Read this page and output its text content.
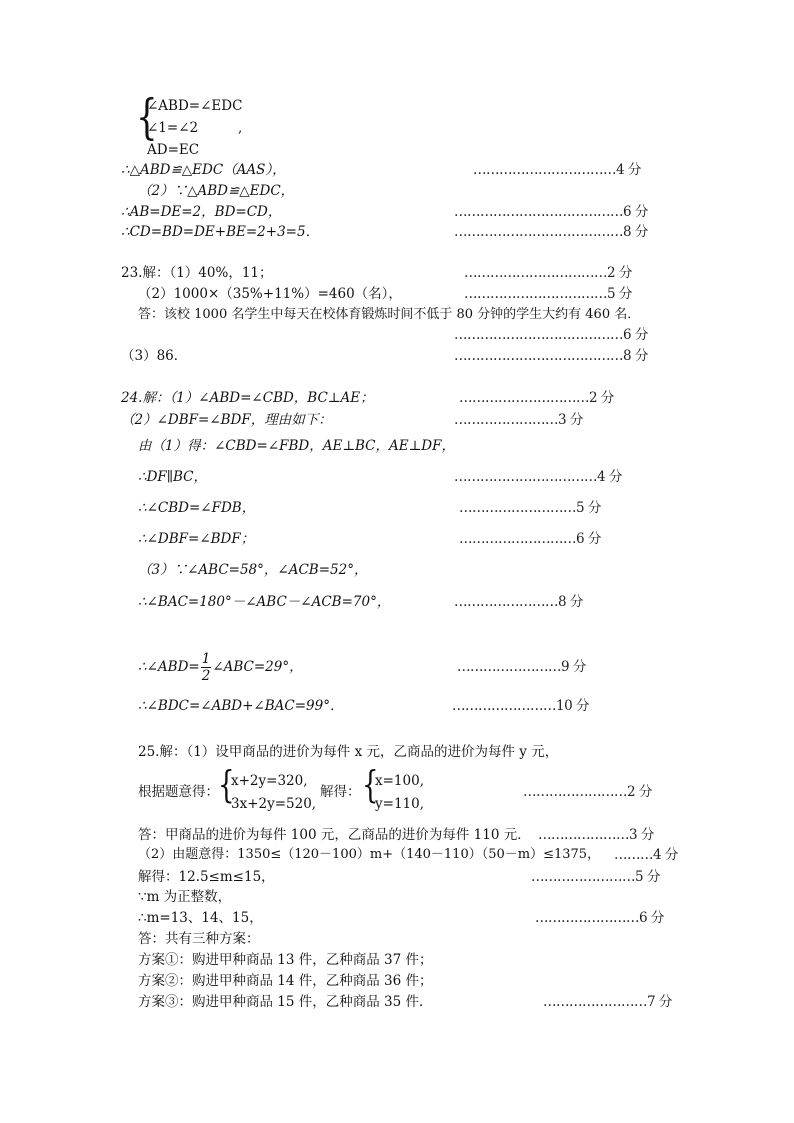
{
∠ABD=∠EDC
∠1=∠2	,
AD=EC
∴△ABD≌△EDC（AAS），	……………………………4 分
（2）∵△ABD≌△EDC，
∴AB=DE=2，BD=CD，	…………………………………6 分
∴CD=BD=DE+BE=2+3=5．	…………………………………8 分
23.解：（1）40%，11；	……………………………2 分
（2）1000×（35%+11%）=460（名），	……………………………5 分
答：该校 1000 名学生中每天在校体育锻炼时间不低于 80 分钟的学生大约有 460 名．
…………………………………6 分
（3）86．	…………………………………8 分
24.解：（1）∠ABD=∠CBD，BC⊥AE；	…………………………2 分
（2）∠DBF=∠BDF，理由如下：	……………………3 分
由（1）得：∠CBD=∠FBD，AE⊥BC，AE⊥DF，
∴DF∥BC，	……………………………4 分
∴∠CBD=∠FDB，	………………………5 分
∴∠DBF=∠BDF；	………………………6 分
（3）∵∠ABC=58°，∠ACB=52°，
∴∠BAC=180°－∠ABC－∠ACB=70°，	……………………8 分
∴∠ABD= $\frac{1}{2}$ ∠ABC=29°，	……………………9 分
∴∠BDC=∠ABD+∠BAC=99°．	……………………10 分
25.解：（1）设甲商品的进价为每件 x 元，乙商品的进价为每件 y 元，
根据题意得： {
x+2y=320,
3x+2y=520,
解得： {
x=100,
y=110,
……………………2 分
答：甲商品的进价为每件 100 元，乙商品的进价为每件 110 元． …………………3 分
（2）由题意得：1350≤（120－100）m+（140－110）（50－m）≤1375， ………4 分
解得：12.5≤m≤15，	……………………5 分
∵m 为正整数，
∴m=13、14、15，	……………………6 分
答：共有三种方案：
方案①：购进甲种商品 13 件，乙种商品 37 件；
方案②：购进甲种商品 14 件，乙种商品 36 件；
方案③：购进甲种商品 15 件，乙种商品 35 件．	……………………7 分
